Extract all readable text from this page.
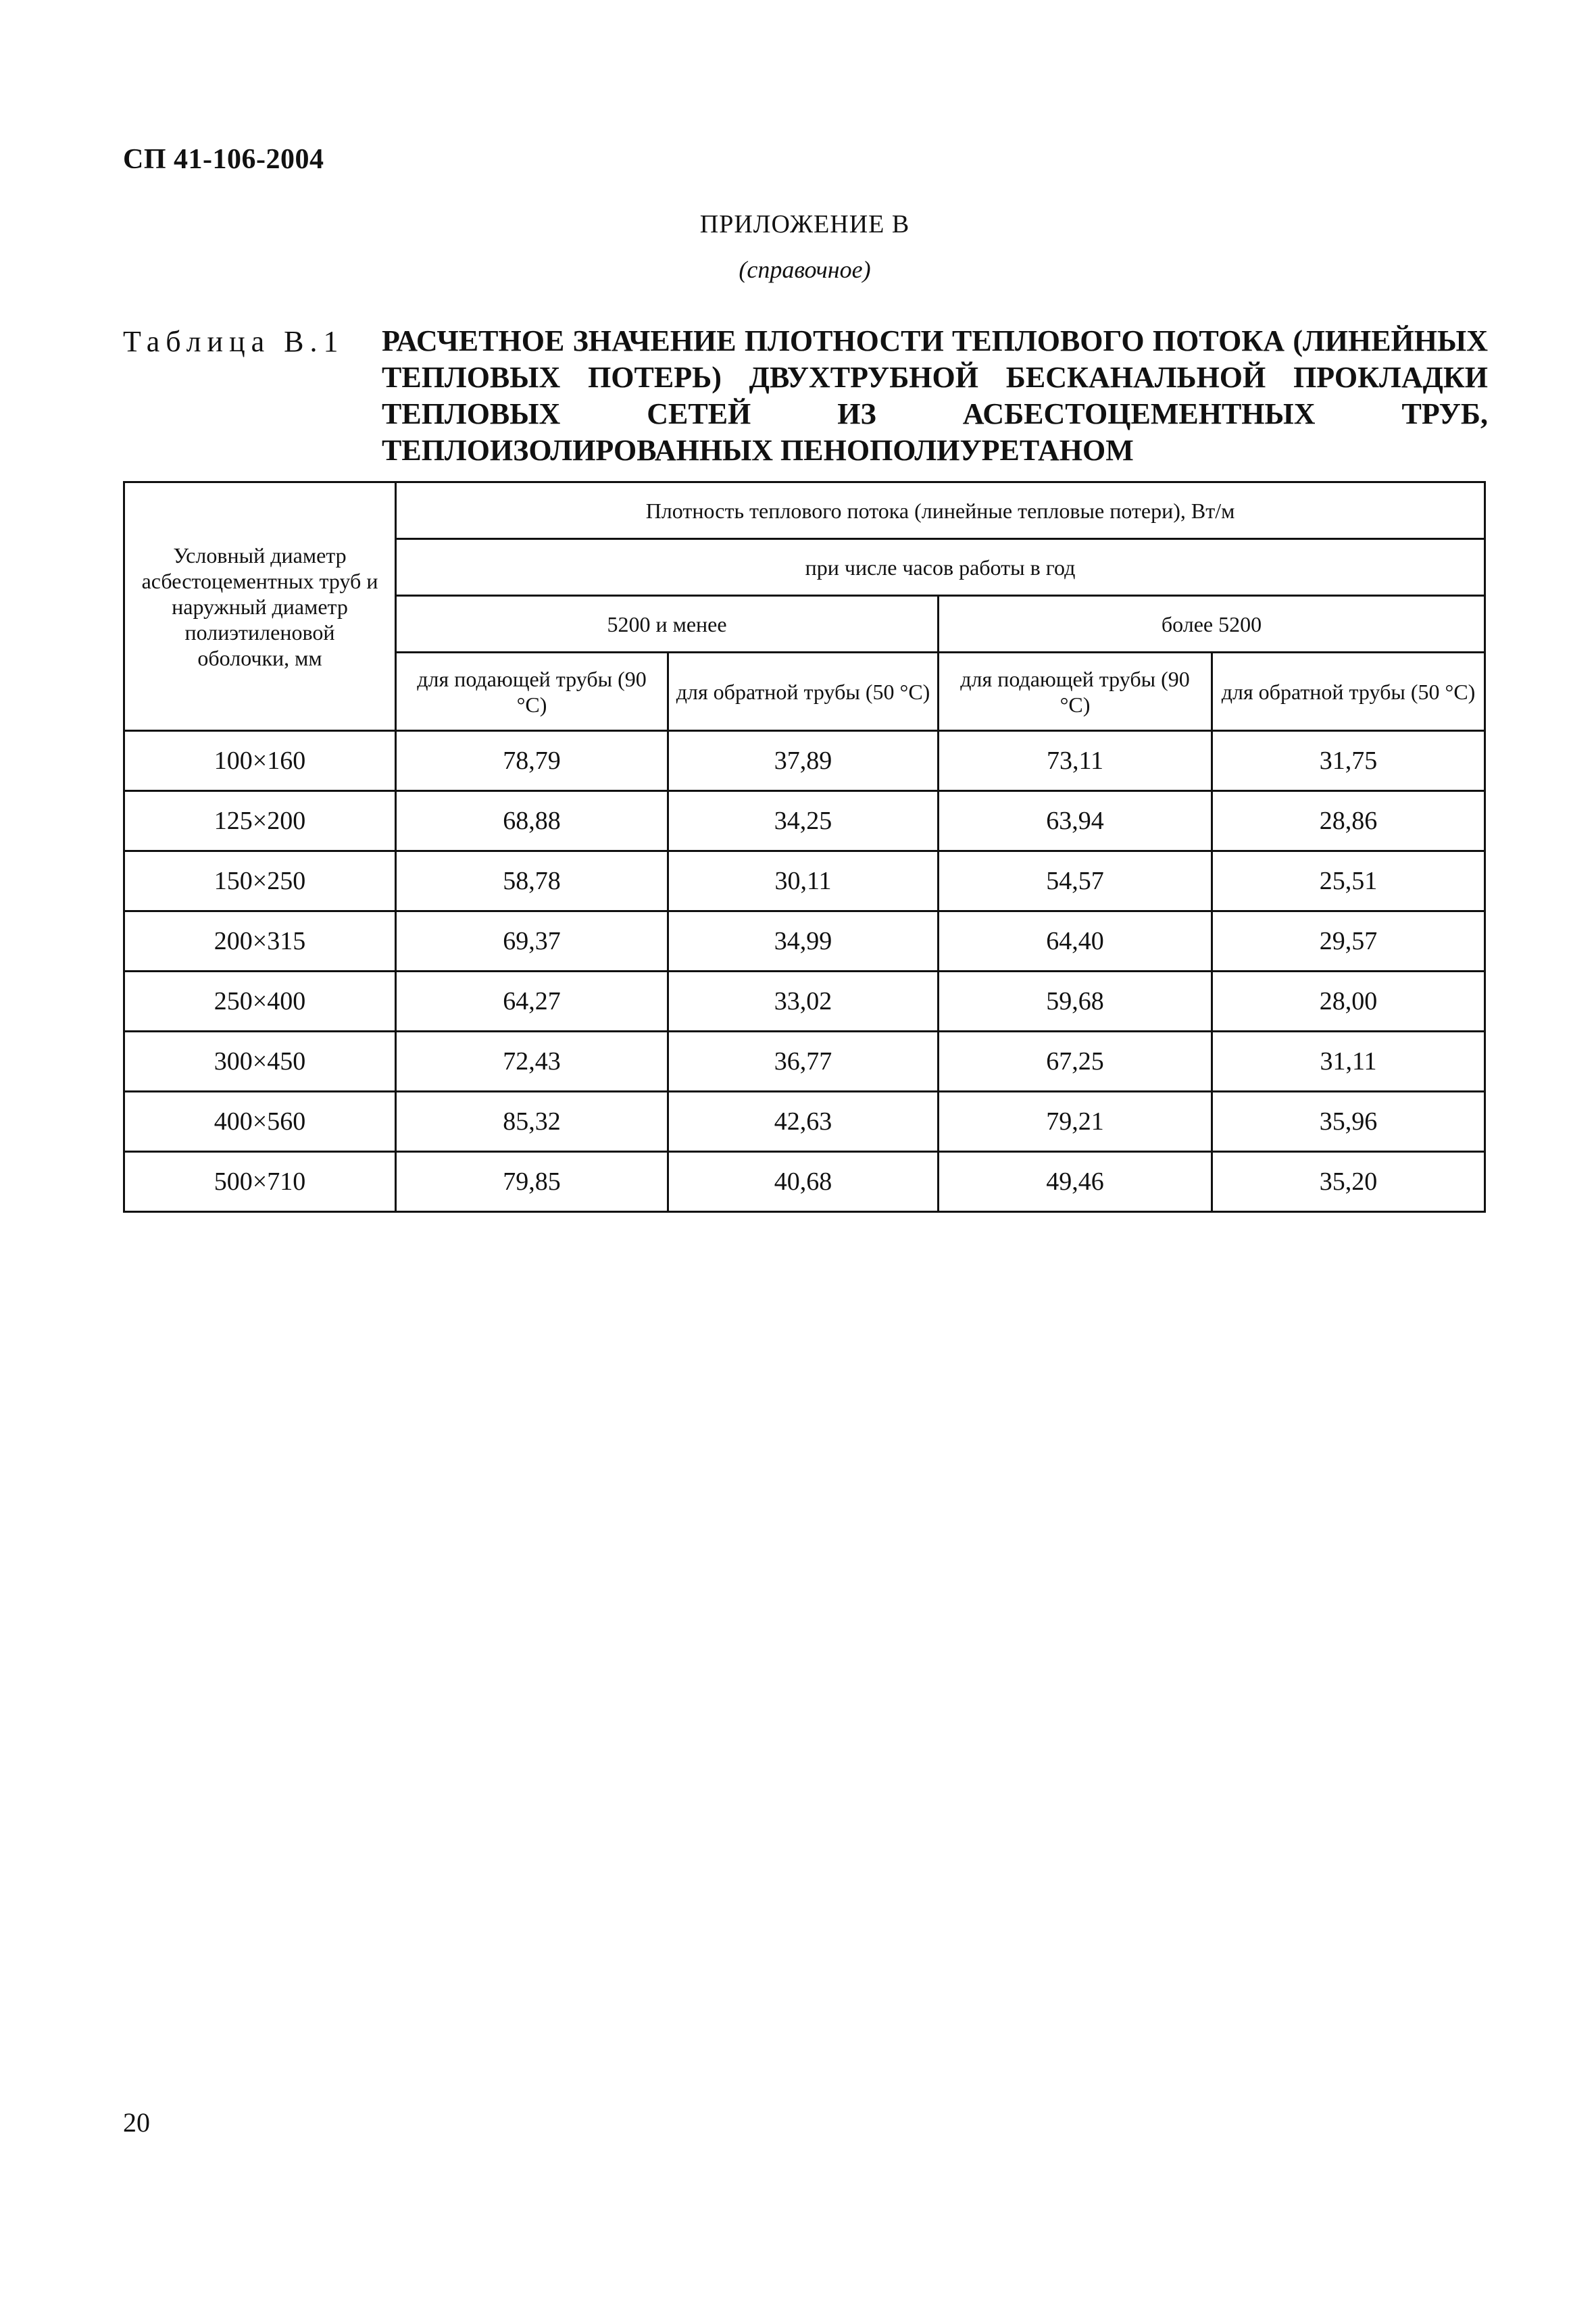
СП 41-106-2004
ПРИЛОЖЕНИЕ В
(справочное)
Таблица В.1	РАСЧЕТНОЕ ЗНАЧЕНИЕ ПЛОТНОСТИ ТЕПЛОВОГО ПОТОКА (ЛИНЕЙНЫХ ТЕПЛОВЫХ ПОТЕРЬ) ДВУХТРУБНОЙ БЕСКАНАЛЬНОЙ ПРОКЛАДКИ ТЕПЛОВЫХ СЕТЕЙ ИЗ АСБЕСТОЦЕМЕНТНЫХ ТРУБ, ТЕПЛОИЗОЛИРОВАННЫХ ПЕНОПОЛИУРЕТАНОМ
Условный диаметр асбестоцементных труб и наружный диаметр полиэтиленовой оболочки, мм	Плотность теплового потока (линейные тепловые потери), Вт/м			
	при числе часов работы в год			
	5200 и менее		более 5200	
	для подающей трубы (90 °С)	для обратной трубы (50 °С)	для подающей трубы (90 °С)	для обратной трубы (50 °С)
100×160	78,79	37,89	73,11	31,75
125×200	68,88	34,25	63,94	28,86
150×250	58,78	30,11	54,57	25,51
200×315	69,37	34,99	64,40	29,57
250×400	64,27	33,02	59,68	28,00
300×450	72,43	36,77	67,25	31,11
400×560	85,32	42,63	79,21	35,96
500×710	79,85	40,68	49,46	35,20
20
